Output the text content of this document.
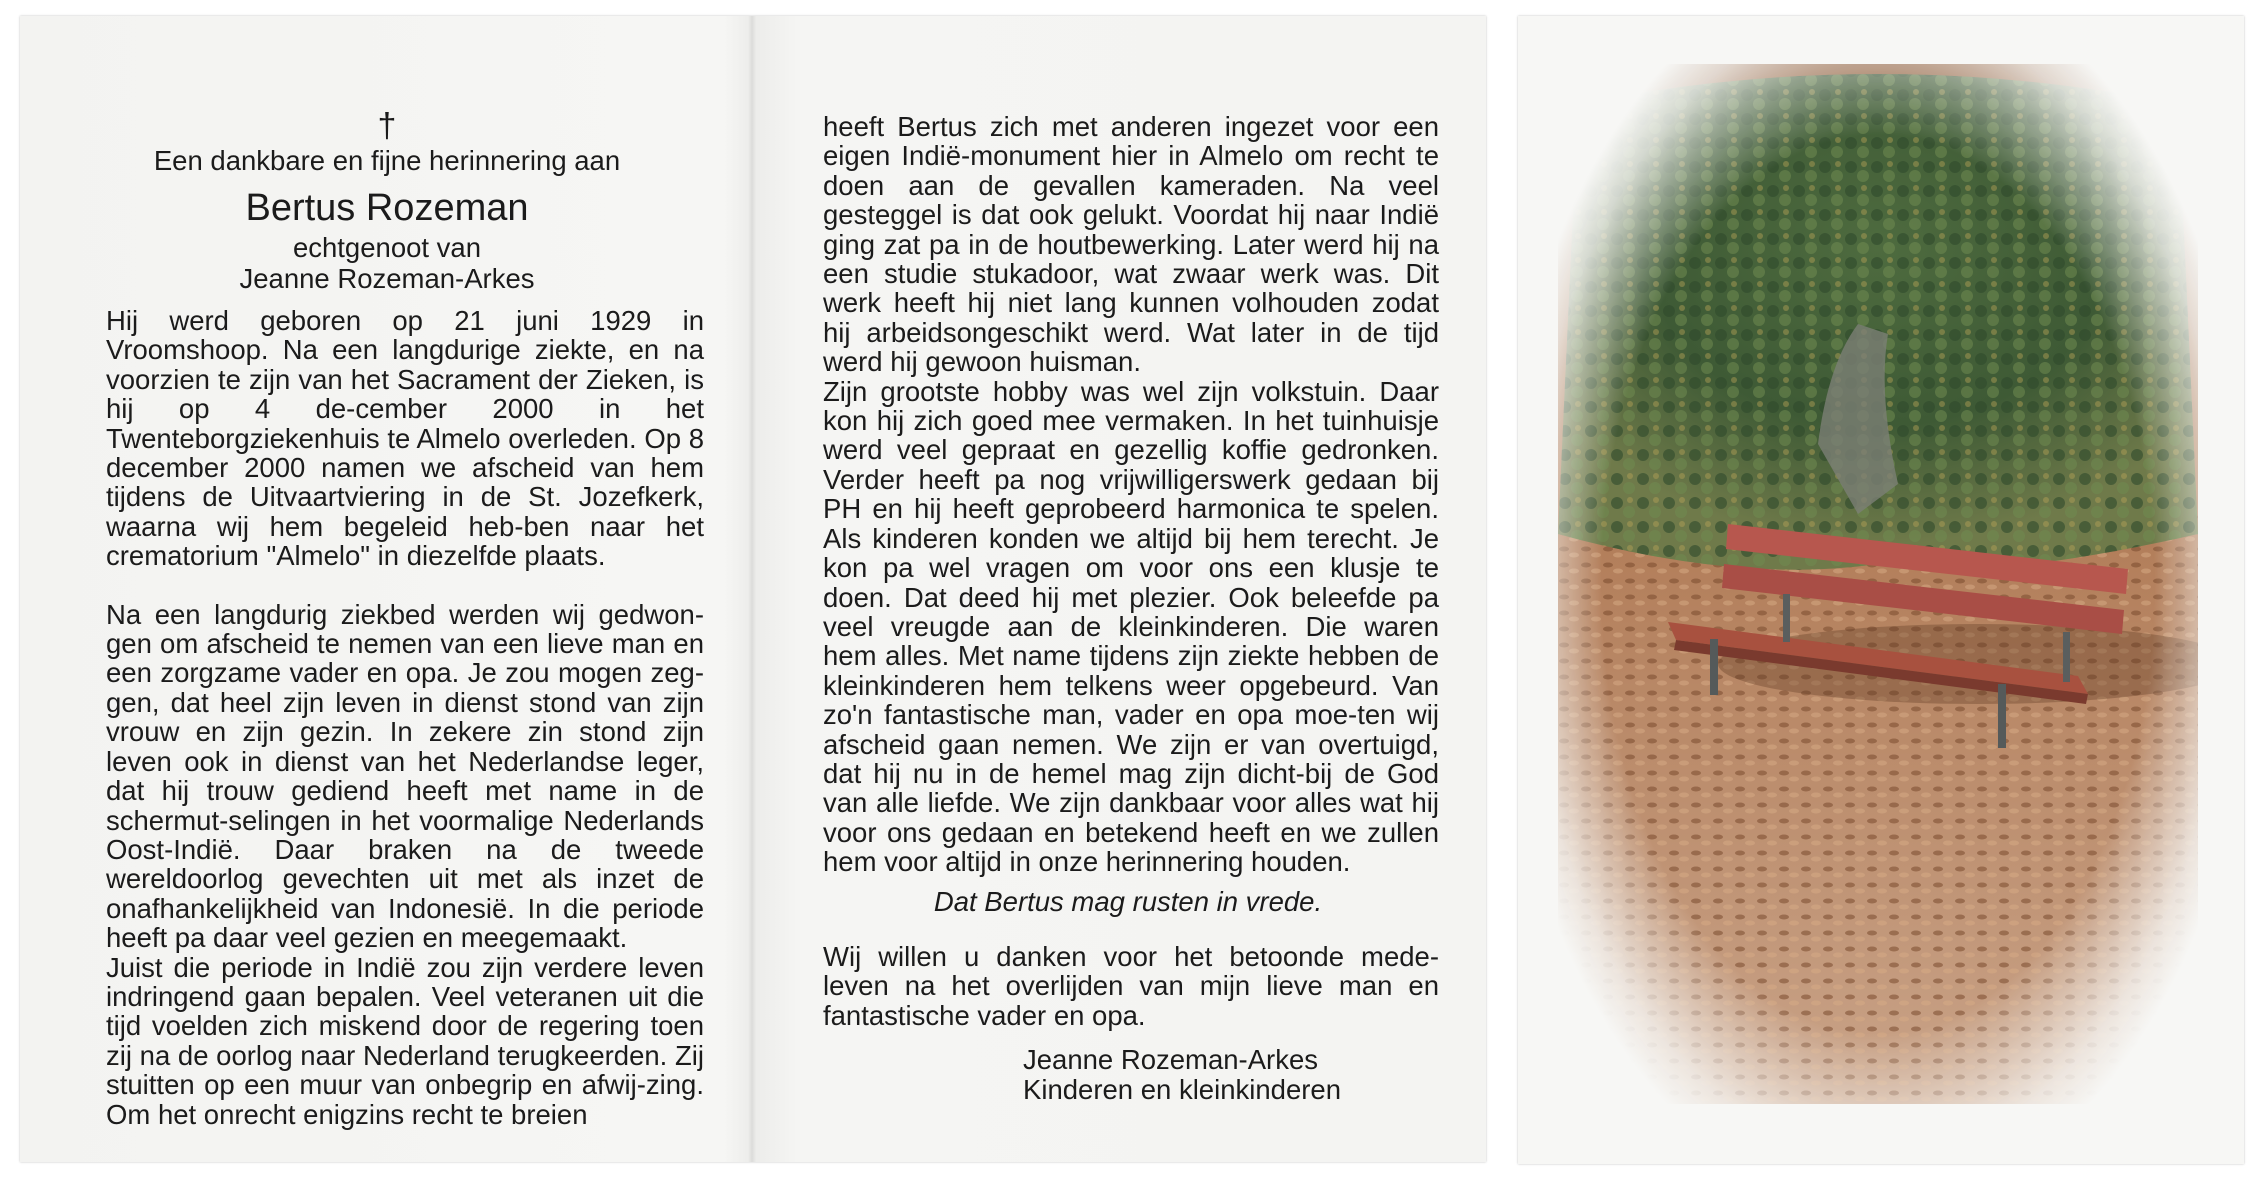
†
Een dankbare en fijne herinnering aan
Bertus Rozeman
echtgenoot van
Jeanne Rozeman-Arkes

Hij werd geboren op 21 juni 1929 in Vroomshoop. Na een langdurige ziekte, en na voorzien te zijn van het Sacrament der Zieken, is hij op 4 de-cember 2000 in het Twenteborgziekenhuis te Almelo overleden. Op 8 december 2000 namen we afscheid van hem tijdens de Uitvaartviering in de St. Jozefkerk, waarna wij hem begeleid heb-ben naar het crematorium "Almelo" in diezelfde plaats.

Na een langdurig ziekbed werden wij gedwon-gen om afscheid te nemen van een lieve man en een zorgzame vader en opa. Je zou mogen zeg-gen, dat heel zijn leven in dienst stond van zijn vrouw en zijn gezin. In zekere zin stond zijn leven ook in dienst van het Nederlandse leger, dat hij trouw gediend heeft met name in de schermut-selingen in het voormalige Nederlands Oost-Indië. Daar braken na de tweede wereldoorlog gevechten uit met als inzet de onafhankelijkheid van Indonesië. In die periode heeft pa daar veel gezien en meegemaakt.

Juist die periode in Indië zou zijn verdere leven indringend gaan bepalen. Veel veteranen uit die tijd voelden zich miskend door de regering toen zij na de oorlog naar Nederland terugkeerden. Zij stuitten op een muur van onbegrip en afwij-zing. Om het onrecht enigzins recht te breien

heeft Bertus zich met anderen ingezet voor een eigen Indië-monument hier in Almelo om recht te doen aan de gevallen kameraden. Na veel gesteggel is dat ook gelukt. Voordat hij naar Indië ging zat pa in de houtbewerking. Later werd hij na een studie stukadoor, wat zwaar werk was. Dit werk heeft hij niet lang kunnen volhouden zodat hij arbeidsongeschikt werd. Wat later in de tijd werd hij gewoon huisman.

Zijn grootste hobby was wel zijn volkstuin. Daar kon hij zich goed mee vermaken. In het tuinhuisje werd veel gepraat en gezellig koffie gedronken. Verder heeft pa nog vrijwilligerswerk gedaan bij PH en hij heeft geprobeerd harmonica te spelen. Als kinderen konden we altijd bij hem terecht. Je kon pa wel vragen om voor ons een klusje te doen. Dat deed hij met plezier. Ook beleefde pa veel vreugde aan de kleinkinderen. Die waren hem alles. Met name tijdens zijn ziekte hebben de kleinkinderen hem telkens weer opgebeurd. Van zo'n fantastische man, vader en opa moe-ten wij afscheid gaan nemen. We zijn er van overtuigd, dat hij nu in de hemel mag zijn dicht-bij de God van alle liefde. We zijn dankbaar voor alles wat hij voor ons gedaan en betekend heeft en we zullen hem voor altijd in onze herinnering houden.

Dat Bertus mag rusten in vrede.

Wij willen u danken voor het betoonde mede-leven na het overlijden van mijn lieve man en fantastische vader en opa.

Jeanne Rozeman-Arkes
Kinderen en kleinkinderen
